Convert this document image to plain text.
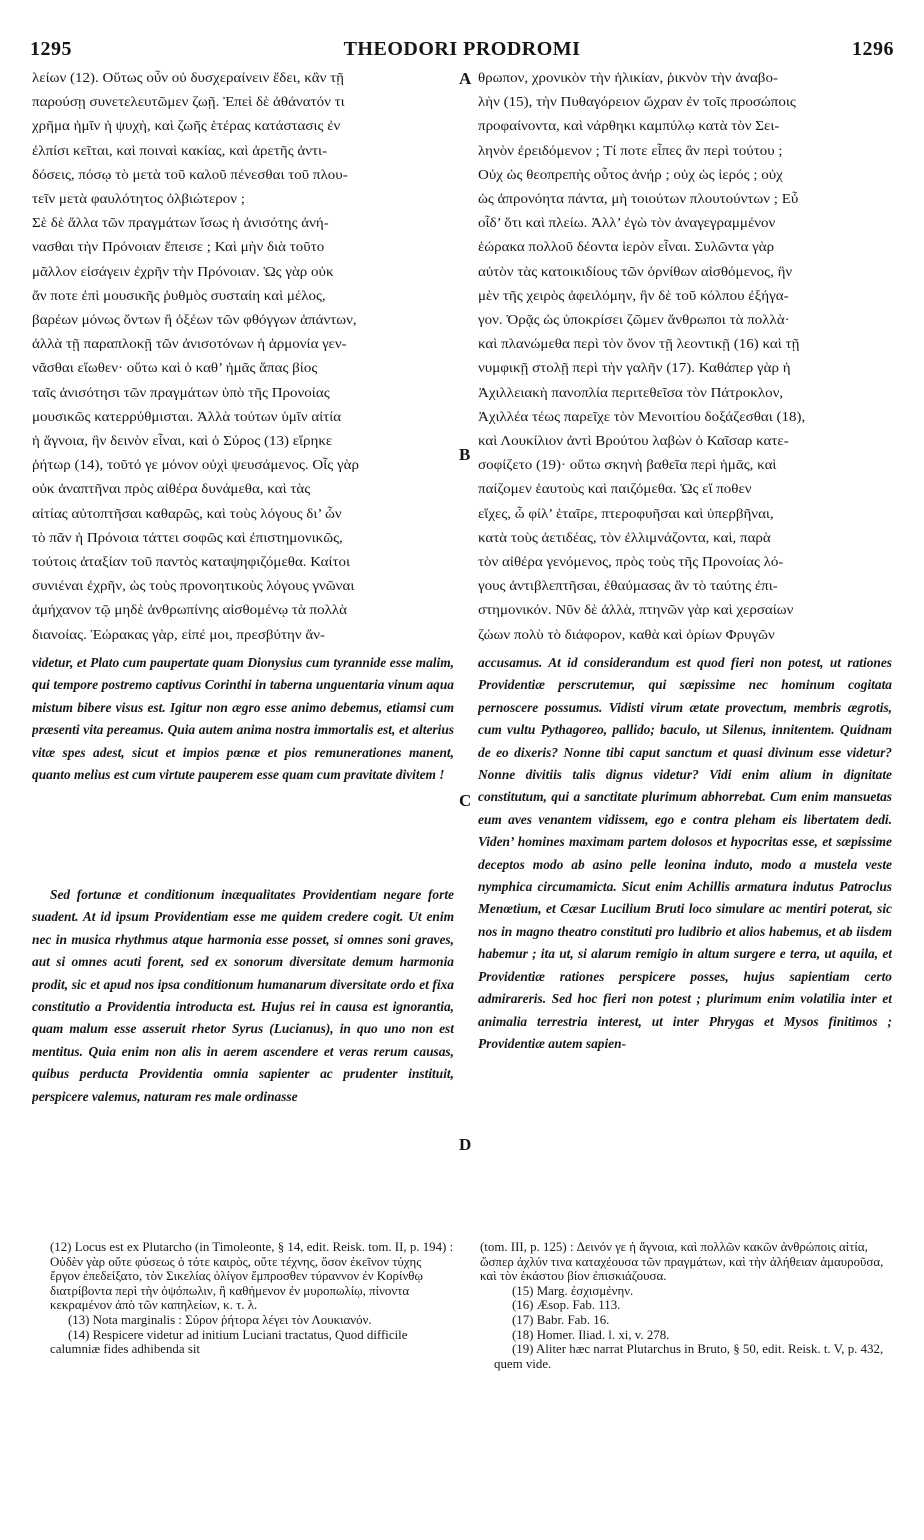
1295	THEODORI PRODROMI	1296
λείων (12). Οὕτως οὖν οὐ δυσχεραίνειν ἔδει, κἂν τῇ
παρούσῃ συνετελευτῶμεν ζωῇ. Ἐπεὶ δὲ ἀθάνατόν τι
χρῆμα ἡμῖν ἡ ψυχὴ, καὶ ζωῆς ἑτέρας κατάστασις ἐν
ἐλπίσι κεῖται, καὶ ποιναὶ κακίας, καὶ ἀρετῆς ἀντι-
δόσεις, πόσῳ τὸ μετὰ τοῦ καλοῦ πένεσθαι τοῦ πλου-
τεῖν μετὰ φαυλότητος ὀλβιώτερον ;
Σὲ δὲ ἄλλα τῶν πραγμάτων ἴσως ἡ ἀνισότης ἀνή-
νασθαι τὴν Πρόνοιαν ἔπεισε ; Καὶ μὴν διὰ τοῦτο
μᾶλλον εἰσάγειν ἐχρῆν τὴν Πρόνοιαν. Ὡς γὰρ οὐκ
ἄν ποτε ἐπὶ μουσικῆς ῥυθμὸς συσταίη καὶ μέλος,
βαρέων μόνως ὄντων ἢ ὀξέων τῶν φθόγγων ἁπάντων,
ἀλλὰ τῇ παραπλοκῇ τῶν ἀνισοτόνων ἡ ἁρμονία γεν-
νᾶσθαι εἴωθεν· οὕτω καὶ ὁ καθ’ ἡμᾶς ἅπας βίος
ταῖς ἀνισότησι τῶν πραγμάτων ὑπὸ τῆς Προνοίας
μουσικῶς κατερρύθμισται. Ἀλλὰ τούτων ὑμῖν αἰτία
ἡ ἄγνοια, ἣν δεινὸν εἶναι, καὶ ὁ Σύρος (13) εἴρηκε
ῥήτωρ (14), τοῦτό γε μόνον οὐχὶ ψευσάμενος. Οἷς γὰρ
οὐκ ἀναπτῆναι πρὸς αἰθέρα δυνάμεθα, καὶ τὰς
αἰτίας αὐτοπτῆσαι καθαρῶς, καὶ τοὺς λόγους δι’ ὧν
τὸ πᾶν ἡ Πρόνοια τάττει σοφῶς καὶ ἐπιστημονικῶς,
τούτοις ἀταξίαν τοῦ παντὸς καταψηφιζόμεθα. Καίτοι
συνιέναι ἐχρῆν, ὡς τοὺς προνοητικοὺς λόγους γνῶναι
ἀμήχανον τῷ μηδὲ ἀνθρωπίνης αἰσθομένῳ τὰ πολλὰ
διανοίας. Ἑώρακας γὰρ, εἰπέ μοι, πρεσβύτην ἄν-
θρωπον, χρονικὸν τὴν ἡλικίαν, ῥικνὸν τὴν ἀναβο-
λὴν (15), τὴν Πυθαγόρειον ὤχραν ἐν τοῖς προσώποις
προφαίνοντα, καὶ νάρθηκι καμπύλῳ κατὰ τὸν Σει-
ληνὸν ἐρειδόμενον ; Τί ποτε εἶπες ἂν περὶ τούτου ;
Οὐχ ὡς θεοπρεπὴς οὗτος ἀνήρ ; οὐχ ὡς ἱερός ; οὐχ
ὡς ἀπρονόητα πάντα, μὴ τοιούτων πλουτούντων ; Εὖ
οἶδ’ ὅτι καὶ πλείω. Ἀλλ’ ἐγὼ τὸν ἀναγεγραμμένον
ἑώρακα πολλοῦ δέοντα ἱερὸν εἶναι. Συλῶντα γὰρ
αὐτὸν τὰς κατοικιδίους τῶν ὀρνίθων αἰσθόμενος, ἣν
μὲν τῆς χειρὸς ἀφειλόμην, ἣν δὲ τοῦ κόλπου ἐξήγα-
γον. Ὁρᾷς ὡς ὑποκρίσει ζῶμεν ἄνθρωποι τὰ πολλὰ·
καὶ πλανώμεθα περὶ τὸν ὄνον τῇ λεοντικῇ (16) καὶ τῇ
νυμφικῇ στολῇ περὶ τὴν γαλῆν (17). Καθάπερ γὰρ ἡ
Ἀχιλλειακὴ πανοπλία περιτεθεῖσα τὸν Πάτροκλον,
Ἀχιλλέα τέως παρεῖχε τὸν Μενοιτίου δοξάζεσθαι (18),
καὶ Λουκίλιον ἀντὶ Βρούτου λαβὼν ὁ Καῖσαρ κατε-
σοφίζετο (19)· οὕτω σκηνὴ βαθεῖα περὶ ἡμᾶς, καὶ
παίζομεν ἑαυτοὺς καὶ παιζόμεθα. Ὡς εἴ ποθεν
εἴχες, ὦ φίλ’ ἑταῖρε, πτεροφυῆσαι καὶ ὑπερβῆναι,
κατὰ τοὺς ἀετιδέας, τὸν ἐλλιμνάζοντα, καὶ, παρὰ
τὸν αἰθέρα γενόμενος, πρὸς τοὺς τῆς Προνοίας λό-
γους ἀντιβλεπτῆσαι, ἐθαύμασας ἂν τὸ ταύτης ἐπι-
στημονικόν. Νῦν δὲ ἀλλὰ, πτηνῶν γὰρ καὶ χερσαίων
ζώων πολὺ τὸ διάφορον, καθὰ καὶ ὁρίων Φρυγῶν

videtur, et Plato cum paupertate quam Dionysius cum tyrannide esse malim, qui tempore postremo captivus Corinthi in taberna unguentaria vinum aqua mistum bibere visus est. Igitur non ægro esse animo debemus, etiamsi cum præsenti vita pereamus. Quia autem anima nostra immortalis est, et alterius vitæ spes adest, sicut et impios pœnæ et pios remunerationes manent, quanto melius est cum virtute pauperem esse quam cum pravitate divitem !

Sed fortunæ et conditionum inæqualitates Providentiam negare forte suadent. At id ipsum Providentiam esse me quidem credere cogit. Ut enim nec in musica rhythmus atque harmonia esse posset, si omnes soni graves, aut si omnes acuti forent, sed ex sonorum diversitate demum harmonia prodit, sic et apud nos ipsa conditionum humanarum diversitate ordo et fixa constitutio a Providentia introducta est. Hujus rei in causa est ignorantia, quam malum esse asseruit rhetor Syrus (Lucianus), in quo uno non est mentitus. Quia enim non alis in aerem ascendere et veras rerum causas, quibus perducta Providentia omnia sapienter ac prudenter instituit, perspicere valemus, naturam res male ordinasse

accusamus. At id considerandum est quod fieri non potest, ut rationes Providentiæ perscrutemur, qui sæpissime nec hominum cogitata pernoscere possumus. Vidisti virum ætate provectum, membris ægrotis, cum vultu Pythagoreo, pallido; baculo, ut Silenus, innitentem. Quidnam de eo dixeris? Nonne tibi caput sanctum et quasi divinum esse videtur? Nonne divitiis talis dignus videtur? Vidi enim alium in dignitate constitutum, qui a sanctitate plurimum abhorrebat. Cum enim mansuetas eum aves venantem vidissem, ego e contra pleham eis libertatem dedi. Viden’ homines maximam partem dolosos et hypocritas esse, et sæpissime deceptos modo ab asino pelle leonina induto, modo a mustela veste nymphica circumamicta. Sicut enim Achillis armatura indutus Patroclus Menœtium, et Cæsar Lucilium Bruti loco simulare ac mentiri poterat, sic nos in magno theatro constituti pro ludibrio et alios habemus, et ab iisdem habemur ; ita ut, si alarum remigio in altum surgere e terra, ut aquila, et Providentiæ rationes perspicere posses, hujus sapientiam certo admirareris. Sed hoc fieri non potest ; plurimum enim volatilia inter et animalia terrestria interest, ut inter Phrygas et Mysos finitimos ; Providentiæ autem sapien-

A
B
C
D

(12) Locus est ex Plutarcho (in Timoleonte, § 14, edit. Reisk. tom. II, p. 194) : Οὐδὲν γὰρ οὔτε φύσεως ὁ τότε καιρὸς, οὔτε τέχνης, ὅσον ἐκεῖνον τύχης ἔργον ἐπεδείξατο, τὸν Σικελίας ὀλίγον ἔμπροσθεν τύραννον ἐν Κορίνθῳ διατρίβοντα περὶ τὴν ὀψόπωλιν, ἢ καθήμενον ἐν μυροπωλίῳ, πίνοντα κεκραμένον ἀπὸ τῶν καπηλείων, κ. τ. λ.

(13) Nota marginalis : Σύρον ῥήτορα λέγει τὸν Λουκιανόν.

(14) Respicere videtur ad initium Luciani tractatus, Quod difficile calumniæ fides adhibenda sit

(tom. III, p. 125) : Δεινόν γε ἡ ἄγνοια, καὶ πολλῶν κακῶν ἀνθρώποις αἰτία, ὥσπερ ἀχλύν τινα καταχέουσα τῶν πραγμάτων, καὶ τὴν ἀλήθειαν ἀμαυροῦσα, καὶ τὸν ἑκάστου βίον ἐπισκιάζουσα.

(15) Marg. ἐσχισμένην.

(16) Æsop. Fab. 113.

(17) Babr. Fab. 16.

(18) Homer. Iliad. l. xi, v. 278.

(19) Aliter hæc narrat Plutarchus in Bruto, § 50, edit. Reisk. t. V, p. 432, quem vide.
